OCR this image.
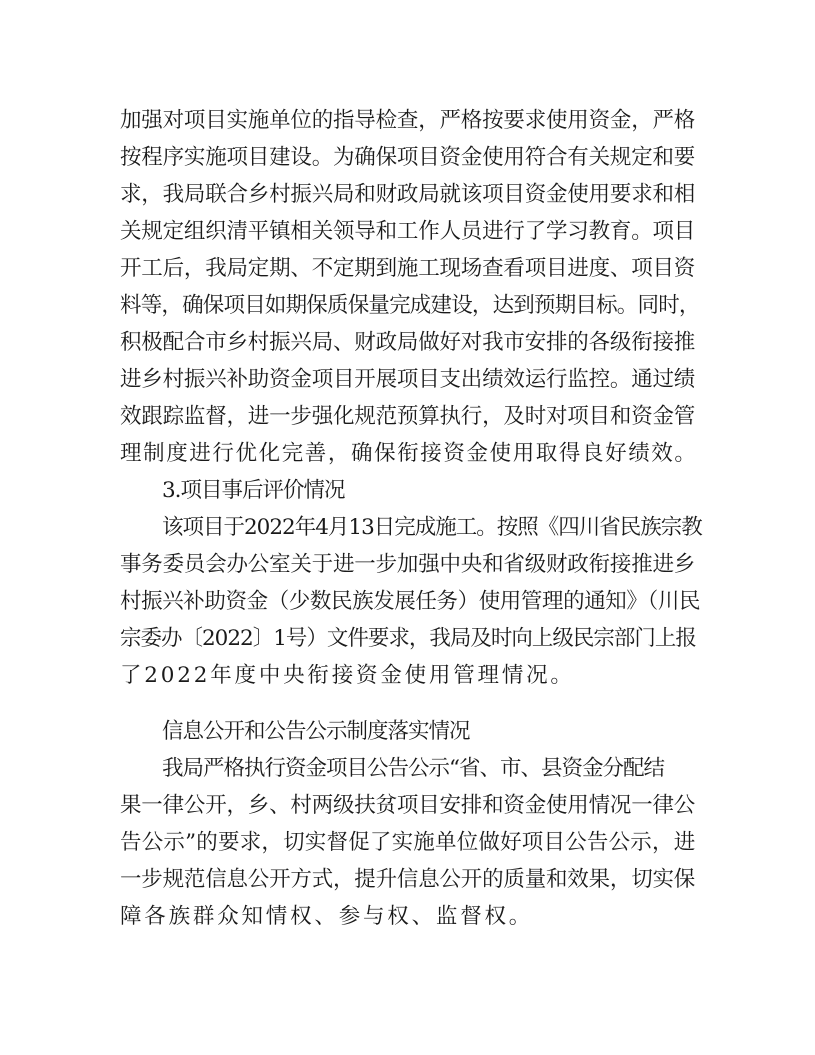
加强对项目实施单位的指导检查，严格按要求使用资金，严格
按程序实施项目建设。为确保项目资金使用符合有关规定和要
求，我局联合乡村振兴局和财政局就该项目资金使用要求和相
关规定组织清平镇相关领导和工作人员进行了学习教育。项目
开工后，我局定期、不定期到施工现场查看项目进度、项目资
料等，确保项目如期保质保量完成建设，达到预期目标。同时，
积极配合市乡村振兴局、财政局做好对我市安排的各级衔接推
进乡村振兴补助资金项目开展项目支出绩效运行监控。通过绩
效跟踪监督，进一步强化规范预算执行，及时对项目和资金管
理制度进行优化完善，确保衔接资金使用取得良好绩效。
3.项目事后评价情况
该项目于2022年4月13日完成施工。按照《四川省民族宗教
事务委员会办公室关于进一步加强中央和省级财政衔接推进乡
村振兴补助资金（少数民族发展任务）使用管理的通知》（川民
宗委办〔2022〕1号）文件要求，我局及时向上级民宗部门上报
了2022年度中央衔接资金使用管理情况。
信息公开和公告公示制度落实情况
我局严格执行资金项目公告公示“省、市、县资金分配结
果一律公开，乡、村两级扶贫项目安排和资金使用情况一律公
告公示”的要求，切实督促了实施单位做好项目公告公示，进
一步规范信息公开方式，提升信息公开的质量和效果，切实保
障各族群众知情权、参与权、监督权。
